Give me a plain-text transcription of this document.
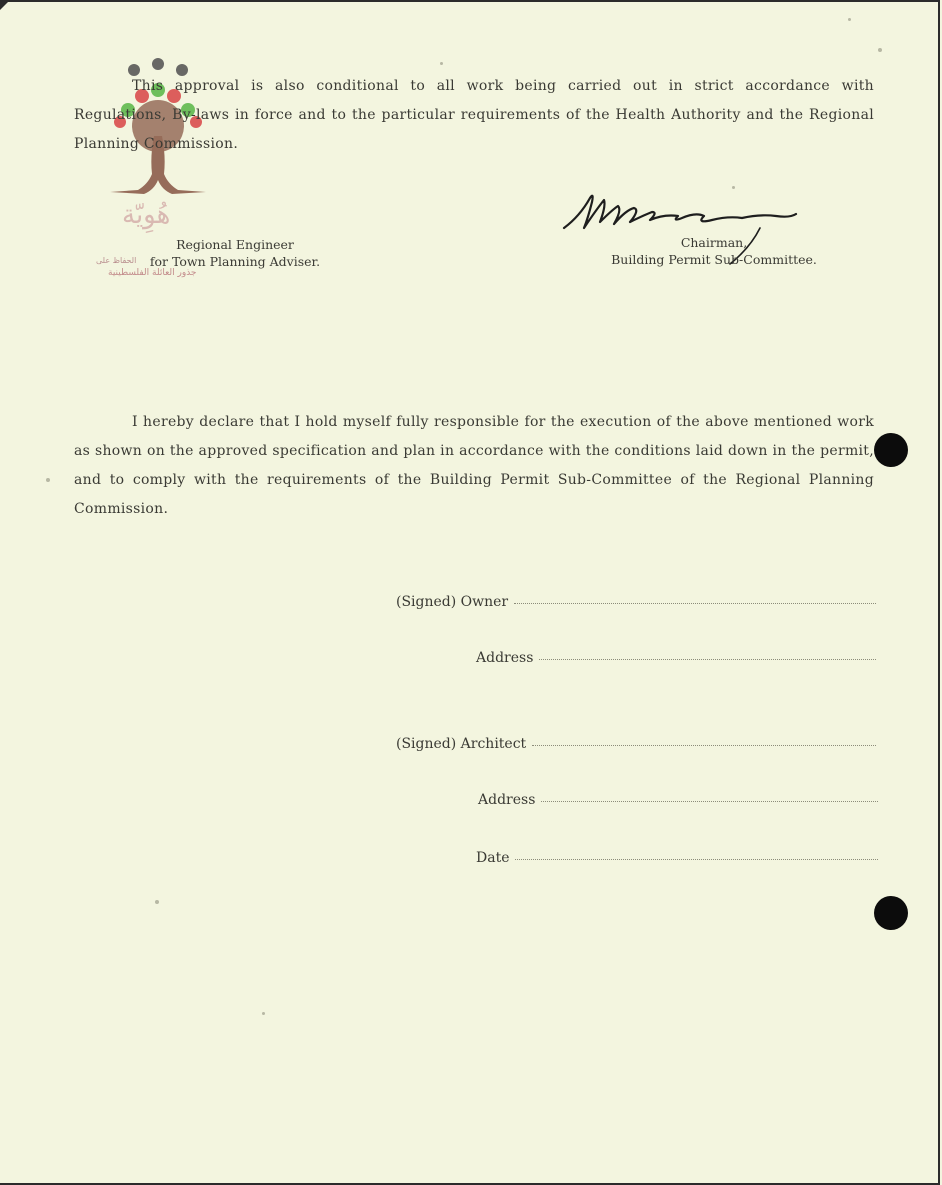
هُوِيّة
الحفاظ على
جذور العائلة الفلسطينية
This approval is also conditional to all work being carried out in strict accordance with Regulations, By-laws in force and to the particular requirements of the Health Authority and the Regional Planning Commission.
Regional Engineer
for Town Planning Adviser.
Chairman,
Building Permit Sub-Committee.
I hereby declare that I hold myself fully responsible for the execution of the above mentioned work as shown on the approved specification and plan in accordance with the conditions laid down in the permit, and to comply with the requirements of the Building Permit Sub-Committee of the Regional Planning Commission.
(Signed) Owner
Address
(Signed) Architect
Address
Date
